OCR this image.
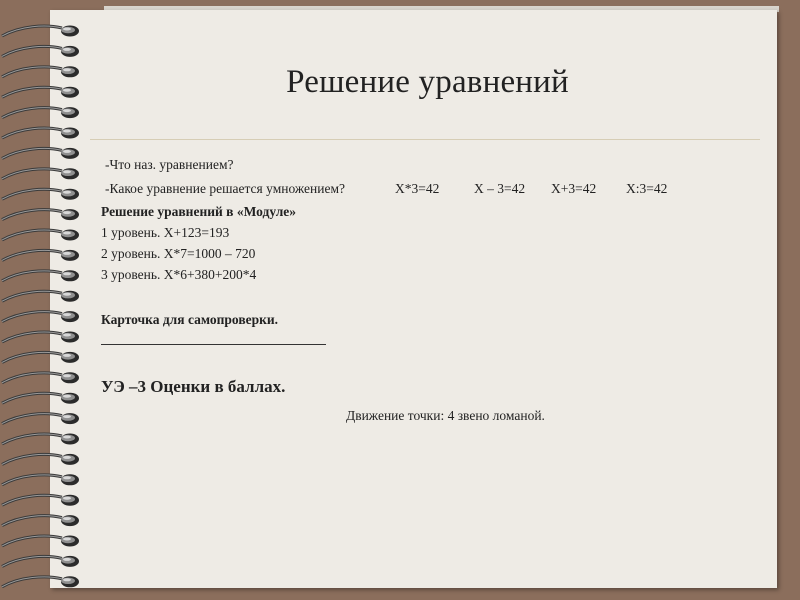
Решение уравнений
-Что наз. уравнением?
-Какое уравнение решается умножением?	Х*3=42	Х – 3=42 Х+3=42 Х:3=42
Решение уравнений в «Модуле»
1 уровень. Х+123=193
2 уровень. Х*7=1000 – 720
3 уровень. Х*6+380+200*4
Карточка для самопроверки.
УЭ –3 Оценки в баллах.
Движение точки: 4 звено ломаной.
